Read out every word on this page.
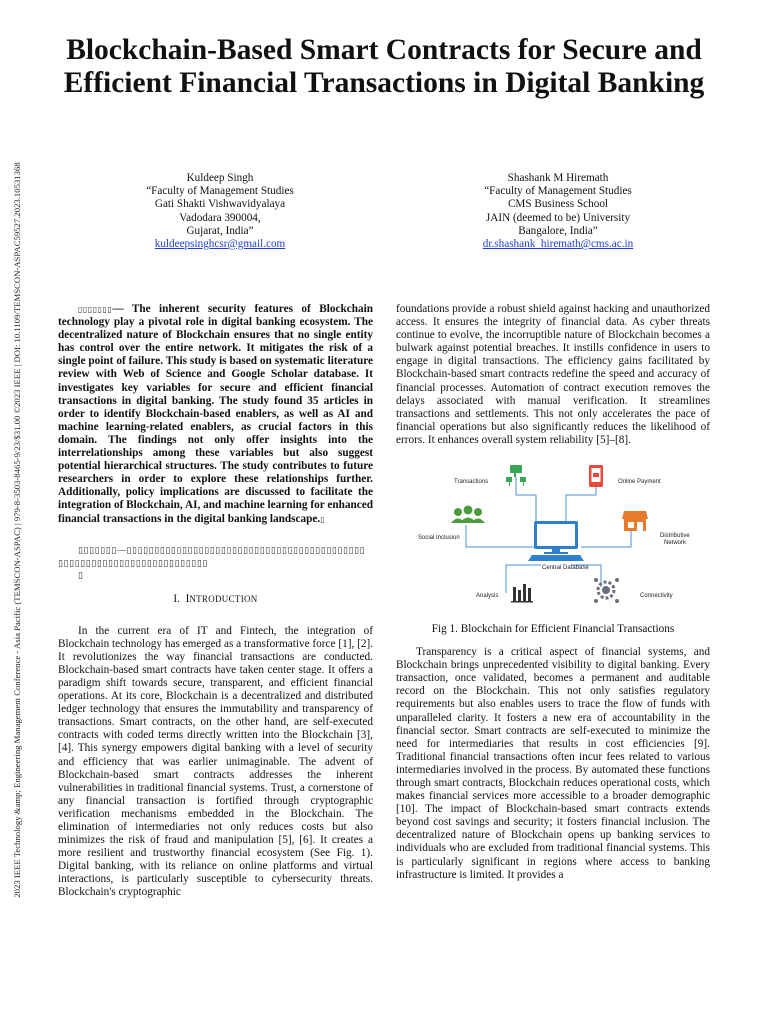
2023 IEEE Technology &amp; Engineering Management Conference - Asia Pacific (TEMSCON-ASPAC) | 979-8-3503-8465-9/23/$31.00 ©2023 IEEE | DOI: 10.1109/TEMSCON-ASPAC59527.2023.10531368
Blockchain-Based Smart Contracts for Secure and Efficient Financial Transactions in Digital Banking
Kuldeep Singh
“Faculty of Management Studies
Gati Shakti Vishwavidyalaya
Vadodara 390004,
Gujarat, India”
kuldeepsinghcsr@gmail.com
Shashank M Hiremath
“Faculty of Management Studies
CMS Business School
JAIN (deemed to be) University
Bangalore, India”
dr.shashank_hiremath@cms.ac.in

▯▯▯▯▯▯▯— The inherent security features of Blockchain technology play a pivotal role in digital banking ecosystem. The decentralized nature of Blockchain ensures that no single entity has control over the entire network. It mitigates the risk of a single point of failure. This study is based on systematic literature review with Web of Science and Google Scholar database. It investigates key variables for secure and efficient financial transactions in digital banking. The study found 35 articles in order to identify Blockchain-based enablers, as well as AI and machine learning-related enablers, as crucial factors in this domain. The findings not only offer insights into the interrelationships among these variables but also suggest potential hierarchical structures. The study contributes to future researchers in order to explore these relationships further. Additionally, policy implications are discussed to facilitate the integration of Blockchain, AI, and machine learning for enhanced financial transactions in the digital banking landscape.▯

▯▯▯▯▯▯▯—▯▯▯▯▯▯▯▯▯▯▯▯▯▯▯▯▯▯▯▯▯▯▯▯▯▯▯▯▯▯▯▯▯▯▯▯▯▯▯▯▯▯▯
▯▯▯▯▯▯▯▯▯▯▯▯▯▯▯▯▯▯▯▯▯▯▯▯▯▯▯
▯
I. INTRODUCTION

In the current era of IT and Fintech, the integration of Blockchain technology has emerged as a transformative force [1], [2]. It revolutionizes the way financial transactions are conducted. Blockchain-based smart contracts have taken center stage. It offers a paradigm shift towards secure, transparent, and efficient financial operations. At its core, Blockchain is a decentralized and distributed ledger technology that ensures the immutability and transparency of transactions. Smart contracts, on the other hand, are self-executed contracts with coded terms directly written into the Blockchain [3], [4]. This synergy empowers digital banking with a level of security and efficiency that was earlier unimaginable. The advent of Blockchain-based smart contracts addresses the inherent vulnerabilities in traditional financial systems. Trust, a cornerstone of any financial transaction is fortified through cryptographic verification mechanisms embedded in the Blockchain. The elimination of intermediaries not only reduces costs but also minimizes the risk of fraud and manipulation [5], [6]. It creates a more resilient and trustworthy financial ecosystem (See Fig. 1). Digital banking, with its reliance on online platforms and virtual interactions, is particularly susceptible to cybersecurity threats. Blockchain's cryptographic

foundations provide a robust shield against hacking and unauthorized access. It ensures the integrity of financial data. As cyber threats continue to evolve, the incorruptible nature of Blockchain becomes a bulwark against potential breaches. It instills confidence in users to engage in digital transactions. The efficiency gains facilitated by Blockchain-based smart contracts redefine the speed and accuracy of financial processes. Automation of contract execution removes the delays associated with manual verification. It streamlines transactions and settlements. This not only accelerates the pace of financial operations but also significantly reduces the likelihood of errors. It enhances overall system reliability [5]–[8].

Transactions	Online Payment
Social Inclusion
Central Database
Distributive
Network
Analysis	Connectivity
Fig 1. Blockchain for Efficient Financial Transactions

Transparency is a critical aspect of financial systems, and Blockchain brings unprecedented visibility to digital banking. Every transaction, once validated, becomes a permanent and auditable record on the Blockchain. This not only satisfies regulatory requirements but also enables users to trace the flow of funds with unparalleled clarity. It fosters a new era of accountability in the financial sector. Smart contracts are self-executed to minimize the need for intermediaries that results in cost efficiencies [9]. Traditional financial transactions often incur fees related to various intermediaries involved in the process. By automated these functions through smart contracts, Blockchain reduces operational costs, which makes financial services more accessible to a broader demographic [10]. The impact of Blockchain-based smart contracts extends beyond cost savings and security; it fosters financial inclusion. The decentralized nature of Blockchain opens up banking services to individuals who are excluded from traditional financial systems. This is particularly significant in regions where access to banking infrastructure is limited. It provides a
